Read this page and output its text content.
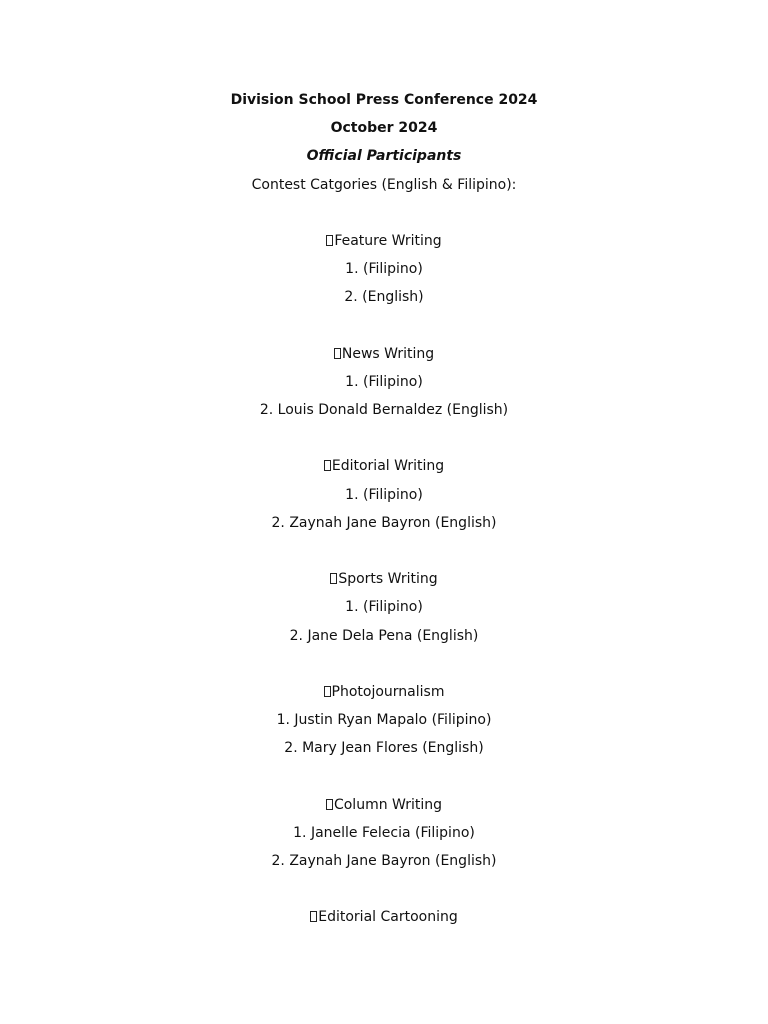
Division School Press Conference 2024
October 2024
Official Participants
Contest Catgories (English & Filipino):
Feature Writing
1. (Filipino)
2. (English)
News Writing
1. (Filipino)
2. Louis Donald Bernaldez (English)
Editorial Writing
1. (Filipino)
2. Zaynah Jane Bayron (English)
Sports Writing
1. (Filipino)
2. Jane Dela Pena (English)
Photojournalism
1. Justin Ryan Mapalo (Filipino)
2. Mary Jean Flores (English)
Column Writing
1. Janelle Felecia (Filipino)
2. Zaynah Jane Bayron (English)
Editorial Cartooning
